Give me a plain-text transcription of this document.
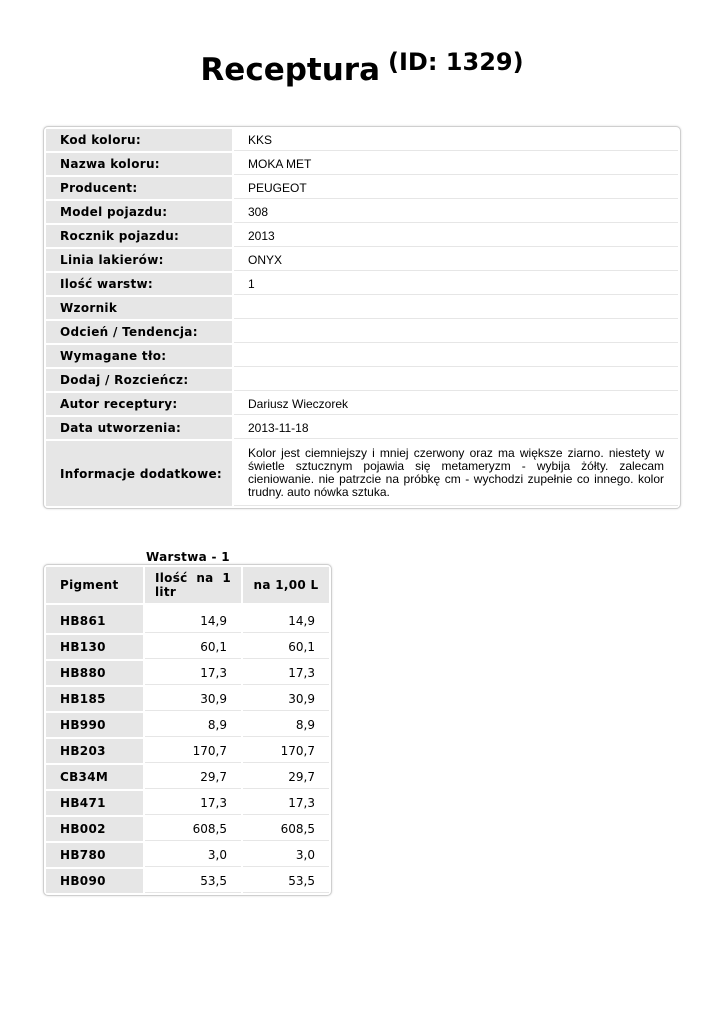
Receptura $^{(ID: 1329)}$
Kod koloru:	KKS
Nazwa koloru:	MOKA MET
Producent:	PEUGEOT
Model pojazdu:	308
Rocznik pojazdu:	2013
Linia lakierów:	ONYX
Ilość warstw:	1
Wzornik	
Odcień / Tendencja:	
Wymagane tło:	
Dodaj / Rozcieńcz:	
Autor receptury:	Dariusz Wieczorek
Data utworzenia:	2013-11-18
Informacje dodatkowe:	Kolor jest ciemniejszy i mniej czerwony oraz ma większe ziarno. niestety w świetle sztucznym pojawia się metameryzm - wybija żółty. zalecam cieniowanie. nie patrzcie na próbkę cm - wychodzi zupełnie co innego. kolor trudny. auto nówka sztuka.
Warstwa - 1
Pigment	Ilość na 1 litr	na 1,00 L
HB861	14,9	14,9
HB130	60,1	60,1
HB880	17,3	17,3
HB185	30,9	30,9
HB990	8,9	8,9
HB203	170,7	170,7
CB34M	29,7	29,7
HB471	17,3	17,3
HB002	608,5	608,5
HB780	3,0	3,0
HB090	53,5	53,5
